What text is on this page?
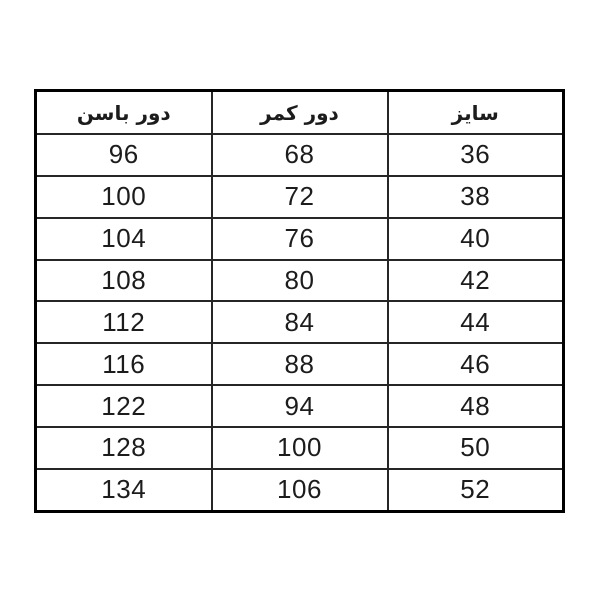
سایز	دور کمر	دور باسن
36	68	96
38	72	100
40	76	104
42	80	108
44	84	112
46	88	116
48	94	122
50	100	128
52	106	134
